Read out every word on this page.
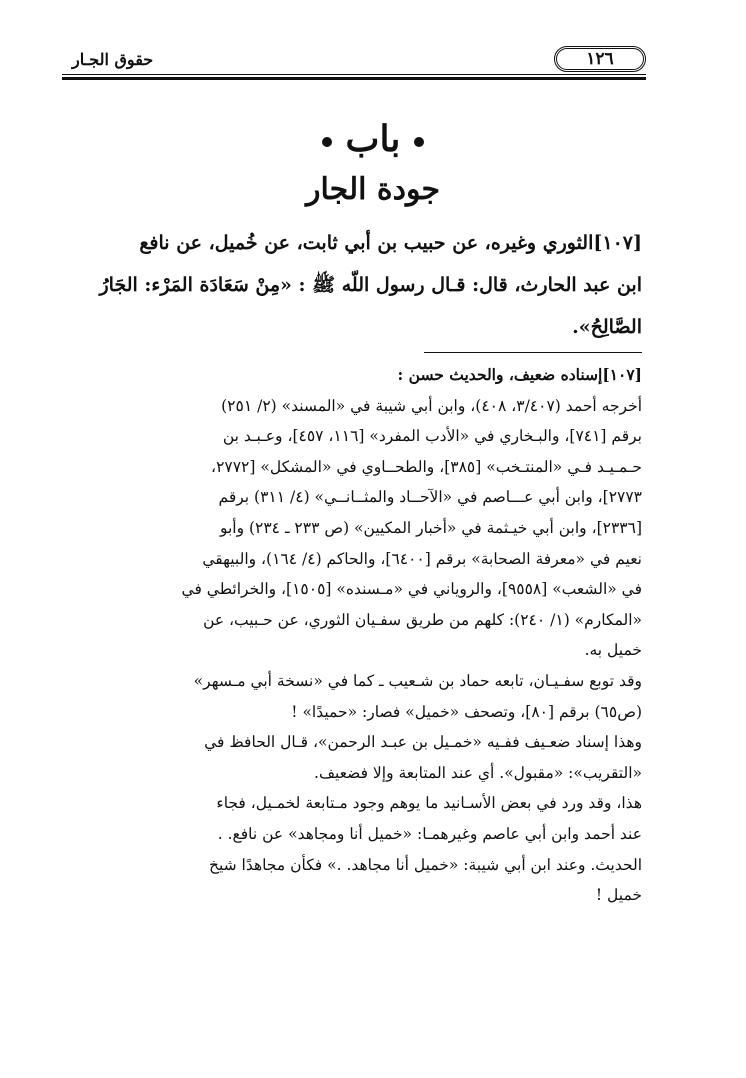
١٢٦
حقوق الجـار
باب
جودة الجار
[١٠٧]الثوري وغيره، عن حبيب بن أبي ثابت، عن خُميل، عن نافع
ابن عبد الحارث، قال: قـال رسول اللّه ﷺ : «مِنْ سَعَادَة المَرْء: الجَارُ
الصَّالِحُ».
[١٠٧]إسناده ضعيف، والحديث حسن :
أخرجه أحمد (٣/٤٠٧، ٤٠٨)، وابن أبي شيبة في «المسند» (٢/ ٢٥١)
برقم [٧٤١]، والبـخاري في «الأدب المفرد» [١١٦، ٤٥٧]، وعـبـد بن
حـمـيـد فـي «المنتـخب» [٣٨٥]، والطحــاوي في «المشكل» [٢٧٧٢،
٢٧٧٣]، وابن أبي عـــاصم في «الآحــاد والمثــانــي» (٤/ ٣١١) برقم
[٢٣٣٦]، وابن أبي خيـثمة في «أخبار المكيين» (ص ٢٣٣ ـ ٢٣٤) وأبو
نعيم في «معرفة الصحابة» برقم [٦٤٠٠]، والحاكم (٤/ ١٦٤)، والبيهقي
في «الشعب» [٩٥٥٨]، والروياني في «مـسنده» [١٥٠٥]، والخرائطي في
«المكارم» (١/ ٢٤٠): كلهم من طريق سفـيان الثوري، عن حـبيب، عن
خميل به.
وقد توبع سفـيـان، تابعه حماد بن شـعيب ـ كما في «نسخة أبي مـسهر»
(ص٦٥) برقم [٨٠]، وتصحف «خميل» فصار: «حميدًا» !
وهذا إسناد ضعـيف ففـيه «خمـيل بن عبـد الرحمن»، قـال الحافظ في
«التقريب»: «مقبول». أي عند المتابعة وإلا فضعيف.
هذا، وقد ورد في بعض الأسـانيد ما يوهم وجود مـتابعة لخمـيل، فجاء
عند أحمد وابن أبي عاصم وغيرهمـا: «خميل أنا ومجاهد» عن نافع. .
الحديث. وعند ابن أبي شيبة: «خميل أنا مجاهد. .» فكأن مجاهدًا شيخ
خميل !
